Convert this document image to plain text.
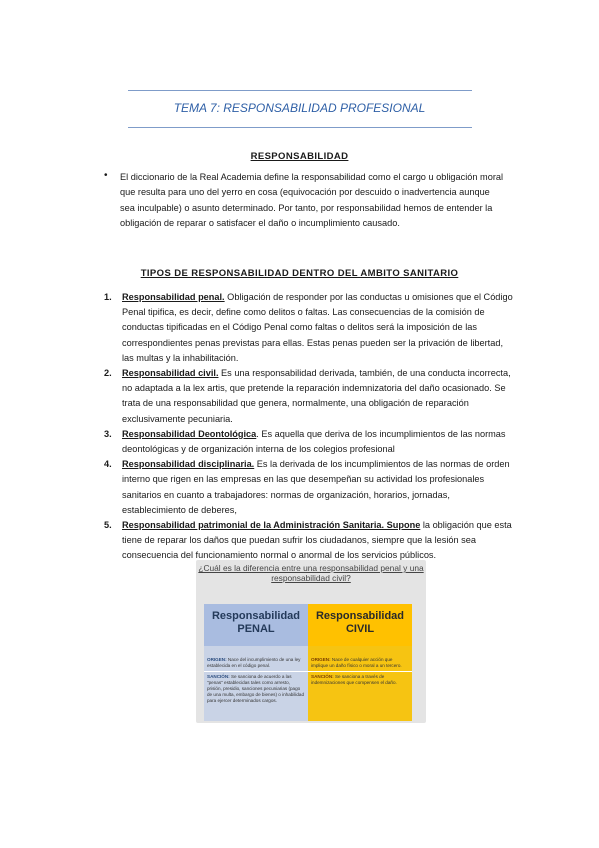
TEMA 7: RESPONSABILIDAD PROFESIONAL
RESPONSABILIDAD
• El diccionario de la Real Academia define la responsabilidad como el cargo u obligación moral que resulta para uno del yerro en cosa (equivocación por descuido o inadvertencia aunque sea inculpable) o asunto determinado. Por tanto, por responsabilidad hemos de entender la obligación de reparar o satisfacer el daño o incumplimiento causado.
TIPOS DE RESPONSABILIDAD DENTRO DEL AMBITO SANITARIO
1. Responsabilidad penal. Obligación de responder por las conductas u omisiones que el Código Penal tipifica, es decir, define como delitos o faltas. Las consecuencias de la comisión de conductas tipificadas en el Código Penal como faltas o delitos será la imposición de las correspondientes penas previstas para ellas. Estas penas pueden ser la privación de libertad, las multas y la inhabilitación.
2. Responsabilidad civil. Es una responsabilidad derivada, también, de una conducta incorrecta, no adaptada a la lex artis, que pretende la reparación indemnizatoria del daño ocasionado. Se trata de una responsabilidad que genera, normalmente, una obligación de reparación exclusivamente pecuniaria.
3. Responsabilidad Deontológica. Es aquella que deriva de los incumplimientos de las normas deontológicas y de organización interna de los colegios profesional
4. Responsabilidad disciplinaria. Es la derivada de los incumplimientos de las normas de orden interno que rigen en las empresas en las que desempeñan su actividad los profesionales sanitarios en cuanto a trabajadores: normas de organización, horarios, jornadas, establecimiento de deberes,
5. Responsabilidad patrimonial de la Administración Sanitaria. Supone la obligación que esta tiene de reparar los daños que puedan sufrir los ciudadanos, siempre que la lesión sea consecuencia del funcionamiento normal o anormal de los servicios públicos.
¿Cuál es la diferencia entre una responsabilidad penal y una responsabilidad civil?
Responsabilidad PENAL
ORIGEN: Nace del incumplimiento de una ley establecida en el código penal.
SANCIÓN: Se sanciona de acuerdo a las "penas" establecidas tales como arresto, prisión, presidio, sanciones pecuniarias (pago de una multa, embargo de bienes) o inhabilidad para ejercer determinados cargos.
Responsabilidad CIVIL
ORIGEN: Nace de cualquier acción que implique un daño físico o moral a un tercero.
SANCIÓN: Se sanciona a través de indemnizaciones que compensen el daño.
